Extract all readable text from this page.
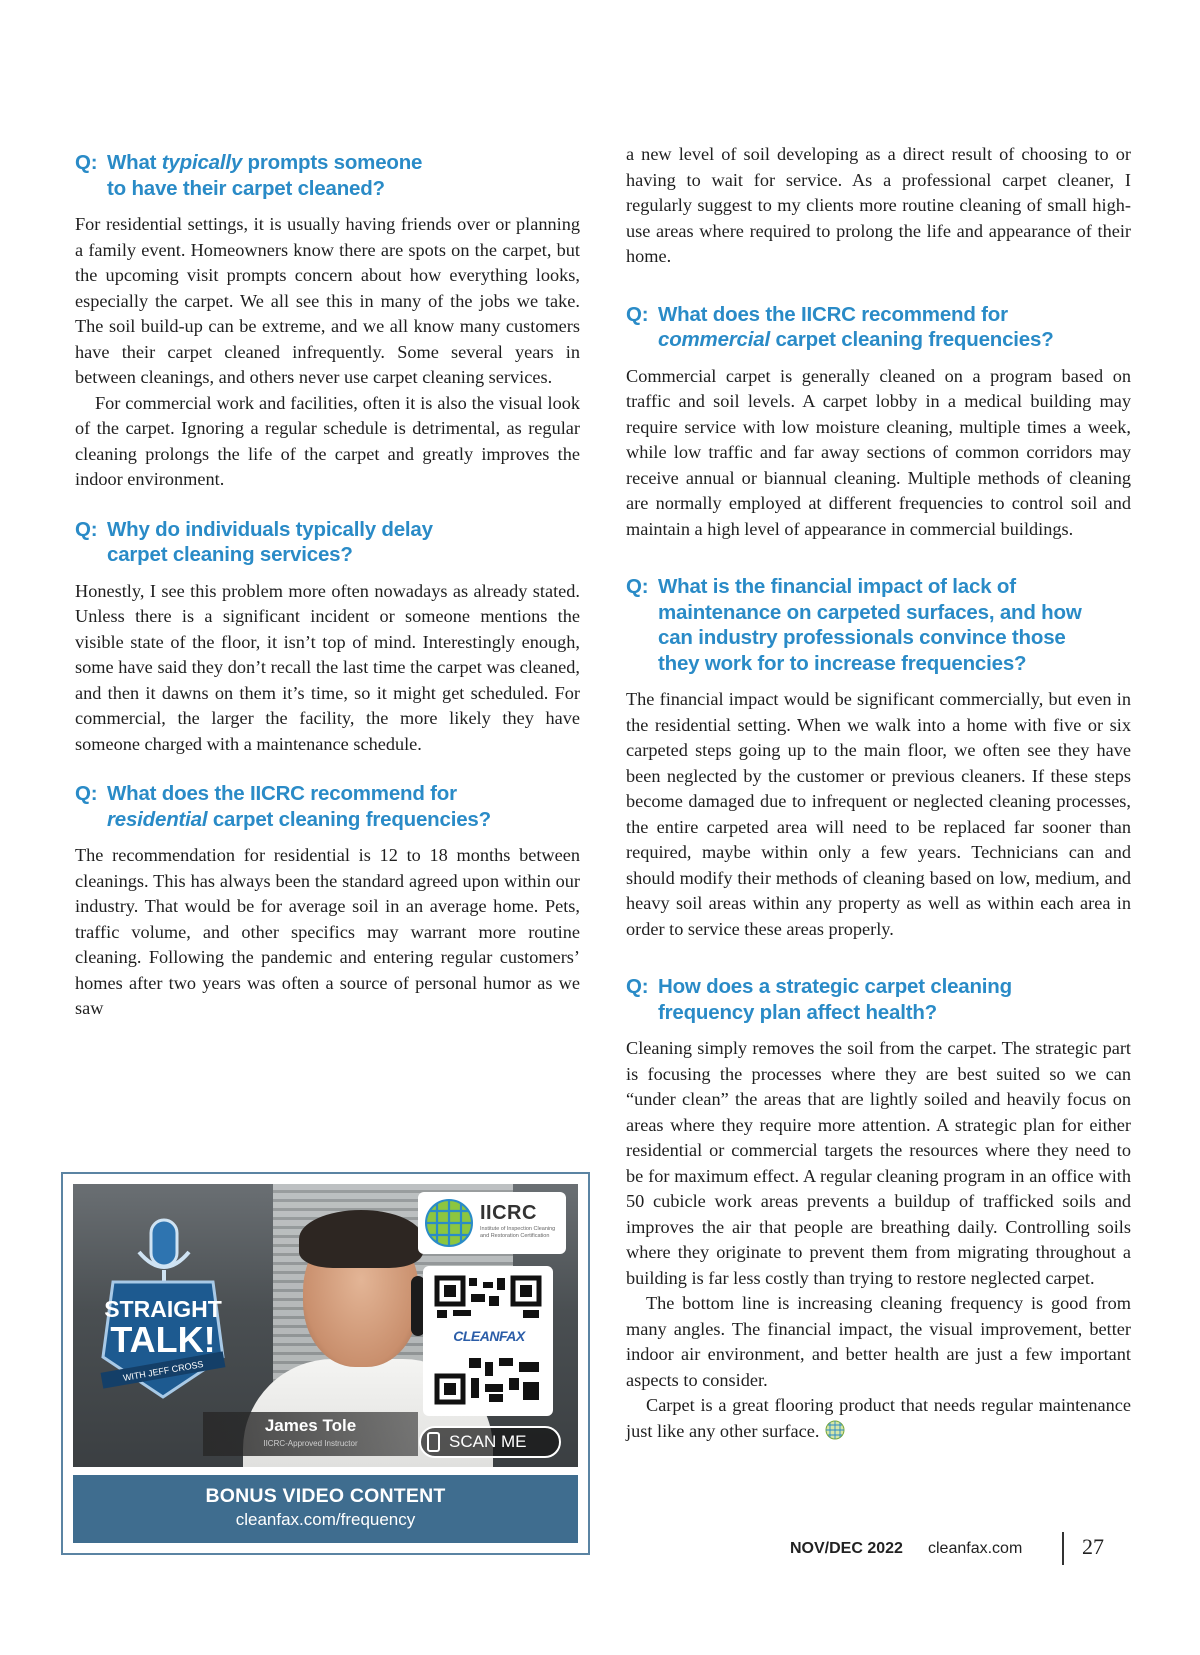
Q: What typically prompts someone
to have their carpet cleaned?

For residential settings, it is usually having friends over or planning a family event. Homeowners know there are spots on the carpet, but the upcoming visit prompts concern about how everything looks, especially the carpet. We all see this in many of the jobs we take. The soil build-up can be extreme, and we all know many customers have their carpet cleaned infrequently. Some several years in between cleanings, and others never use carpet cleaning services.

For commercial work and facilities, often it is also the visual look of the carpet. Ignoring a regular schedule is detrimental, as regular cleaning prolongs the life of the carpet and greatly improves the indoor environment.

Q: Why do individuals typically delay
carpet cleaning services?

Honestly, I see this problem more often nowadays as already stated. Unless there is a significant incident or someone mentions the visible state of the floor, it isn’t top of mind. Interestingly enough, some have said they don’t recall the last time the carpet was cleaned, and then it dawns on them it’s time, so it might get scheduled. For commercial, the larger the facility, the more likely they have someone charged with a maintenance schedule.

Q: What does the IICRC recommend for
residential carpet cleaning frequencies?

The recommendation for residential is 12 to 18 months between cleanings. This has always been the standard agreed upon within our industry. That would be for average soil in an average home. Pets, traffic volume, and other specifics may warrant more routine cleaning. Following the pandemic and entering regular customers’ homes after two years was often a source of personal humor as we saw

a new level of soil developing as a direct result of choosing to or having to wait for service. As a professional carpet cleaner, I regularly suggest to my clients more routine cleaning of small high-use areas where required to prolong the life and appearance of their home.

Q: What does the IICRC recommend for
commercial carpet cleaning frequencies?

Commercial carpet is generally cleaned on a program based on traffic and soil levels. A carpet lobby in a medical building may require service with low moisture cleaning, multiple times a week, while low traffic and far away sections of common corridors may receive annual or biannual cleaning. Multiple methods of cleaning are normally employed at different frequencies to control soil and maintain a high level of appearance in commercial buildings.

Q: What is the financial impact of lack of
maintenance on carpeted surfaces, and how
can industry professionals convince those
they work for to increase frequencies?

The financial impact would be significant commercially, but even in the residential setting. When we walk into a home with five or six carpeted steps going up to the main floor, we often see they have been neglected by the customer or previous cleaners. If these steps become damaged due to infrequent or neglected cleaning processes, the entire carpeted area will need to be replaced far sooner than required, maybe within only a few years. Technicians can and should modify their methods of cleaning based on low, medium, and heavy soil areas within any property as well as within each area in order to service these areas properly.

Q: How does a strategic carpet cleaning
frequency plan affect health?

Cleaning simply removes the soil from the carpet. The strategic part is focusing the processes where they are best suited so we can “under clean” the areas that are lightly soiled and heavily focus on areas where they require more attention. A strategic plan for either residential or commercial targets the resources where they need to be for maximum effect. A regular cleaning program in an office with 50 cubicle work areas prevents a buildup of trafficked soils and improves the air that people are breathing daily. Controlling soils where they originate to prevent them from migrating throughout a building is far less costly than trying to restore neglected carpet.

The bottom line is increasing cleaning frequency is good from many angles. The financial impact, the visual improvement, better indoor air environment, and better health are just a few important aspects to consider.

Carpet is a great flooring product that needs regular maintenance just like any other surface.

STRAIGHT
TALK!
WITH JEFF CROSS
IICRC
Institute of Inspection Cleaning and Restoration Certification
CLEANFAX
James Tole
IICRC-Approved Instructor	SCAN ME
BONUS VIDEO CONTENT
cleanfax.com/frequency
NOV/DEC 2022 cleanfax.com	27
